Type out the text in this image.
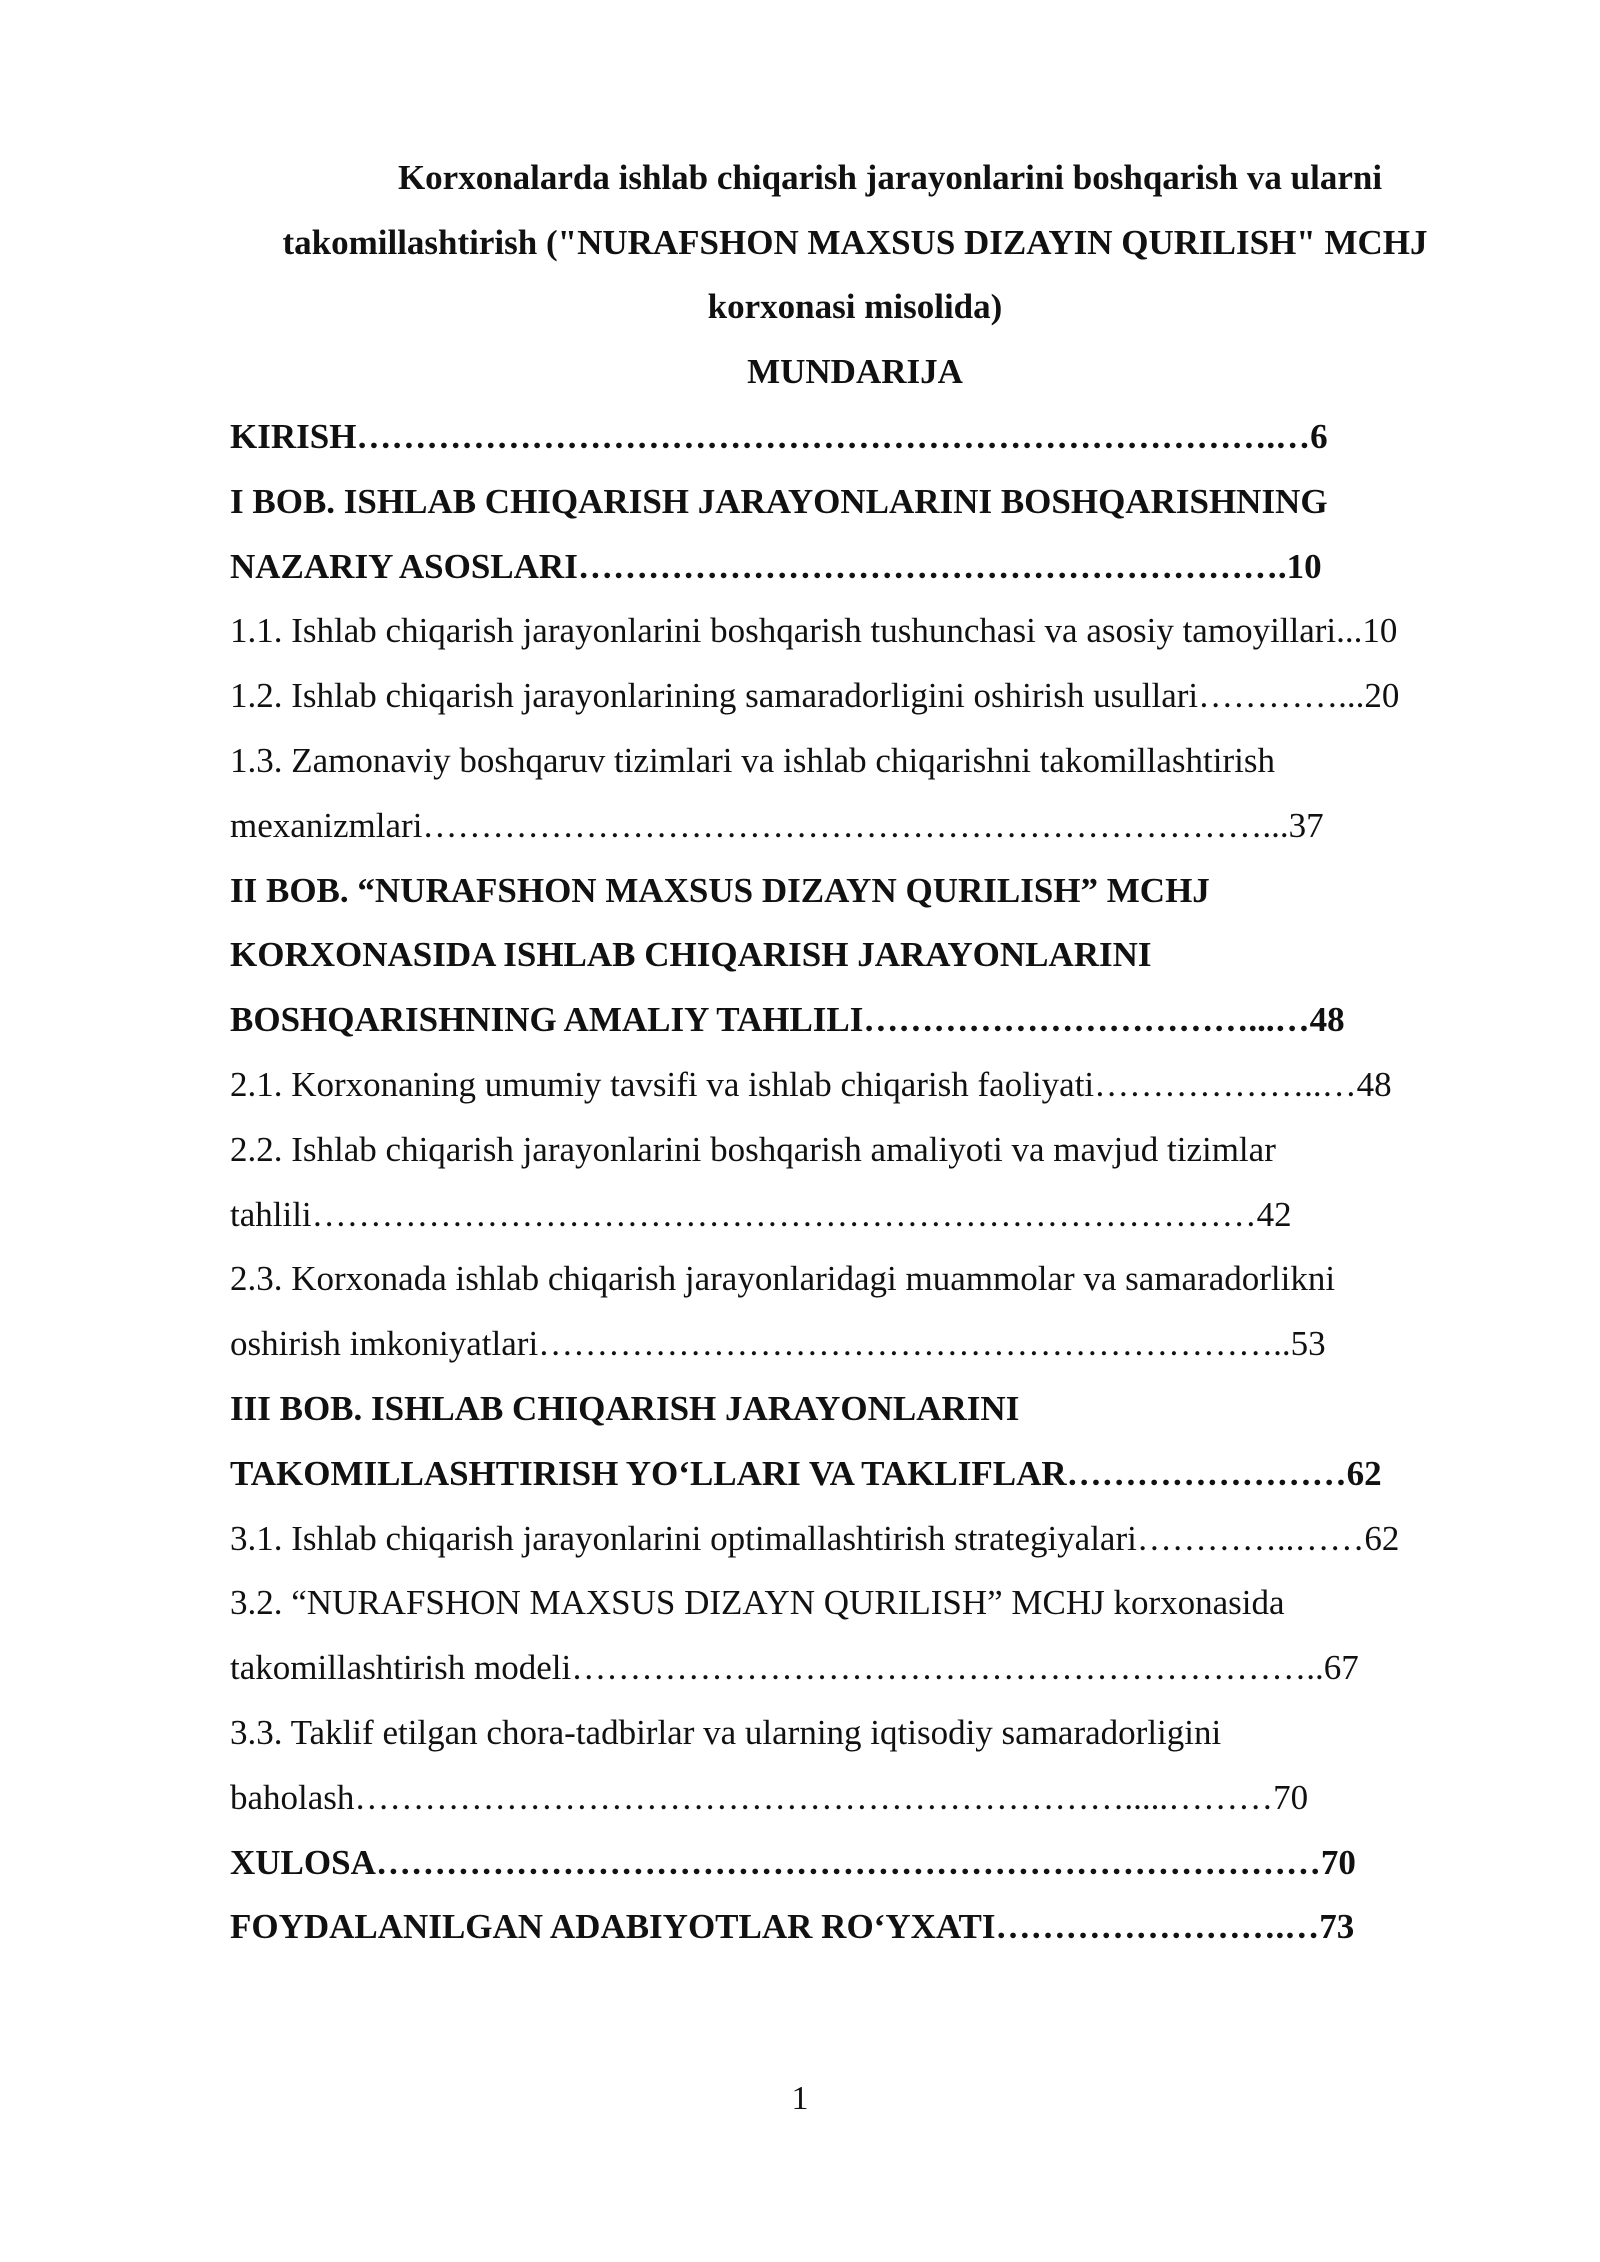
Korxonalarda ishlab chiqarish jarayonlarini boshqarish va ularni
takomillashtirish ("NURAFSHON MAXSUS DIZAYIN QURILISH" MCHJ
korxonasi misolida)
MUNDARIJA
KIRISH…………………………………………………………………….…6
I BOB. ISHLAB CHIQARISH JARAYONLARINI BOSHQARISHNING
NAZARIY ASOSLARI…………………………………………………….10
1.1. Ishlab chiqarish jarayonlarini boshqarish tushunchasi va asosiy tamoyillari...10
1.2. Ishlab chiqarish jarayonlarining samaradorligini oshirish usullari…………...20
1.3. Zamonaviy boshqaruv tizimlari va ishlab chiqarishni takomillashtirish
mexanizmlari………………………………………………………………...37
II BOB. “NURAFSHON MAXSUS DIZAYN QURILISH” MCHJ
KORXONASIDA ISHLAB CHIQARISH JARAYONLARINI
BOSHQARISHNING AMALIY TAHLILI……………………………...…48
2.1. Korxonaning umumiy tavsifi va ishlab chiqarish faoliyati………………..…48
2.2. Ishlab chiqarish jarayonlarini boshqarish amaliyoti va mavjud tizimlar
tahlili………………………………………………………………………42
2.3. Korxonada ishlab chiqarish jarayonlaridagi muammolar va samaradorlikni
oshirish imkoniyatlari………………………………………………………..53
III BOB. ISHLAB CHIQARISH JARAYONLARINI
TAKOMILLASHTIRISH YO‘LLARI VA TAKLIFLAR……………………62
3.1. Ishlab chiqarish jarayonlarini optimallashtirish strategiyalari…………..……62
3.2. “NURAFSHON MAXSUS DIZAYN QURILISH” MCHJ korxonasida
takomillashtirish modeli………………………………………………………..67
3.3. Taklif etilgan chora-tadbirlar va ularning iqtisodiy samaradorligini
baholash………………………………………………………….....………70
XULOSA………………………………………………………………………70
FOYDALANILGAN ADABIYOTLAR RO‘YXATI…………………….…73
1
